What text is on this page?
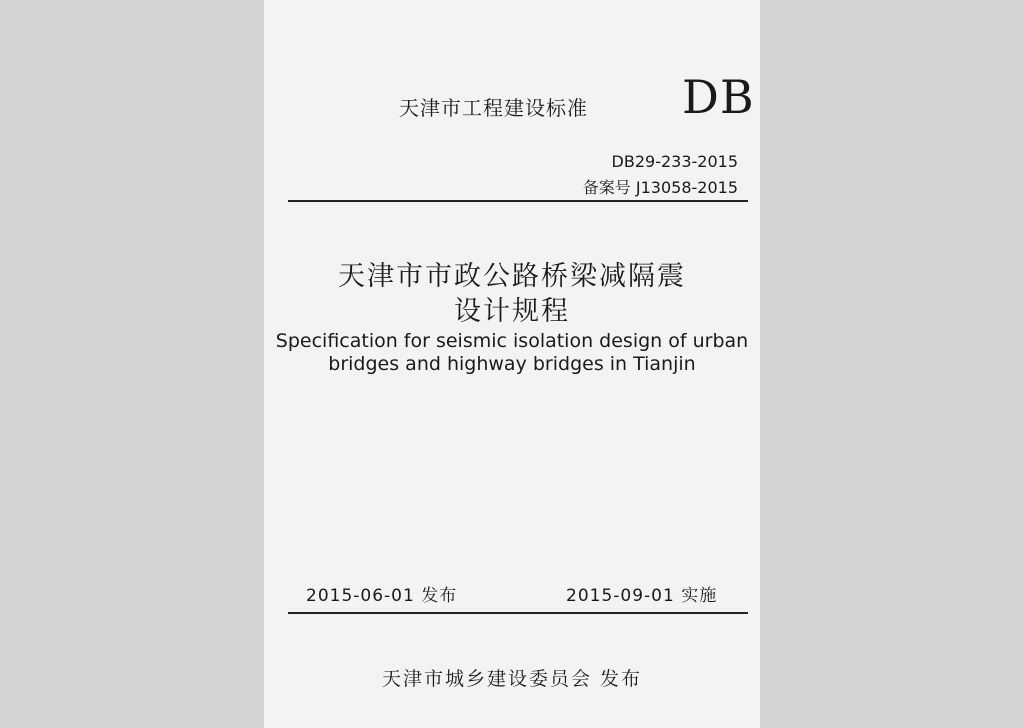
天津市工程建设标准 DB
DB29-233-2015
备案号 J13058-2015
天津市市政公路桥梁减隔震
设计规程
Specification for seismic isolation design of urban
bridges and highway bridges in Tianjin
2015-06-01 发布	2015-09-01 实施
天津市城乡建设委员会 发布
